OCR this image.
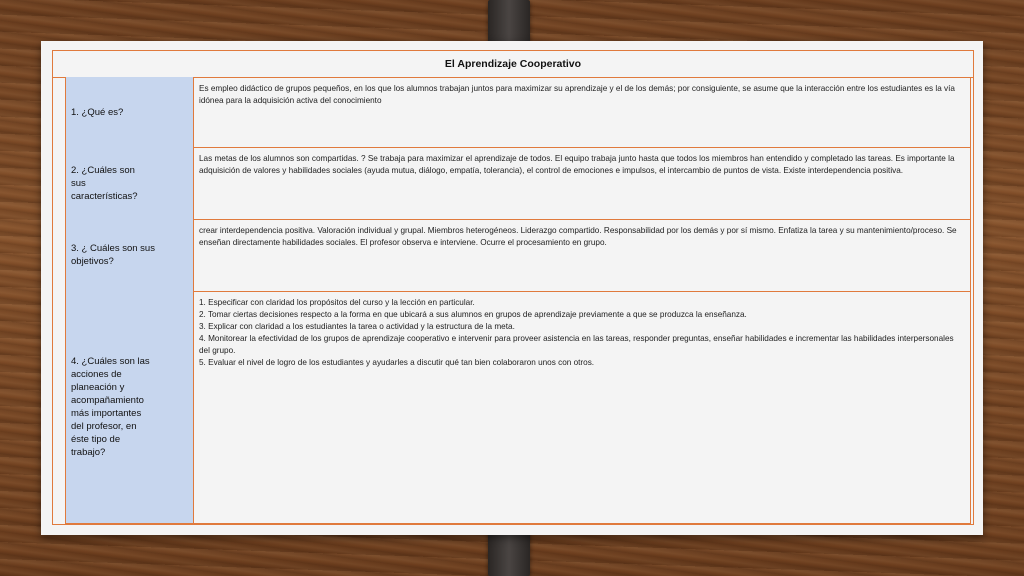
El Aprendizaje Cooperativo
1. ¿Qué es?
Es empleo didáctico de grupos pequeños, en los que los alumnos trabajan juntos para maximizar su aprendizaje y el de los demás; por consiguiente, se asume que la interacción entre los estudiantes es la vía idónea para la adquisición activa del conocimiento
2. ¿Cuáles son
sus
características?
Las metas de los alumnos son compartidas. ? Se trabaja para maximizar el aprendizaje de todos. El equipo trabaja junto hasta que todos los miembros han entendido y completado las tareas. Es importante la adquisición de valores y habilidades sociales (ayuda mutua, diálogo, empatía, tolerancia), el control de emociones e impulsos, el intercambio de puntos de vista. Existe interdependencia positiva.
3. ¿ Cuáles son sus
objetivos?
crear interdependencia positiva. Valoración individual y grupal. Miembros heterogéneos. Liderazgo compartido. Responsabilidad por los demás y por sí mismo. Enfatiza la tarea y su mantenimiento/proceso. Se enseñan directamente habilidades sociales. El profesor observa e interviene. Ocurre el procesamiento en grupo.
4. ¿Cuáles son las
acciones de
planeación y
acompañamiento
más importantes
del profesor, en
éste tipo de
trabajo?
1. Especificar con claridad los propósitos del curso y la lección en particular.
2. Tomar ciertas decisiones respecto a la forma en que ubicará a sus alumnos en grupos de aprendizaje previamente a que se produzca la enseñanza.
3. Explicar con claridad a los estudiantes la tarea o actividad y la estructura de la meta.
4. Monitorear la efectividad de los grupos de aprendizaje cooperativo e intervenir para proveer asistencia en las tareas, responder preguntas, enseñar habilidades e incrementar las habilidades interpersonales del grupo.
5. Evaluar el nivel de logro de los estudiantes y ayudarles a discutir qué tan bien colaboraron unos con otros.
